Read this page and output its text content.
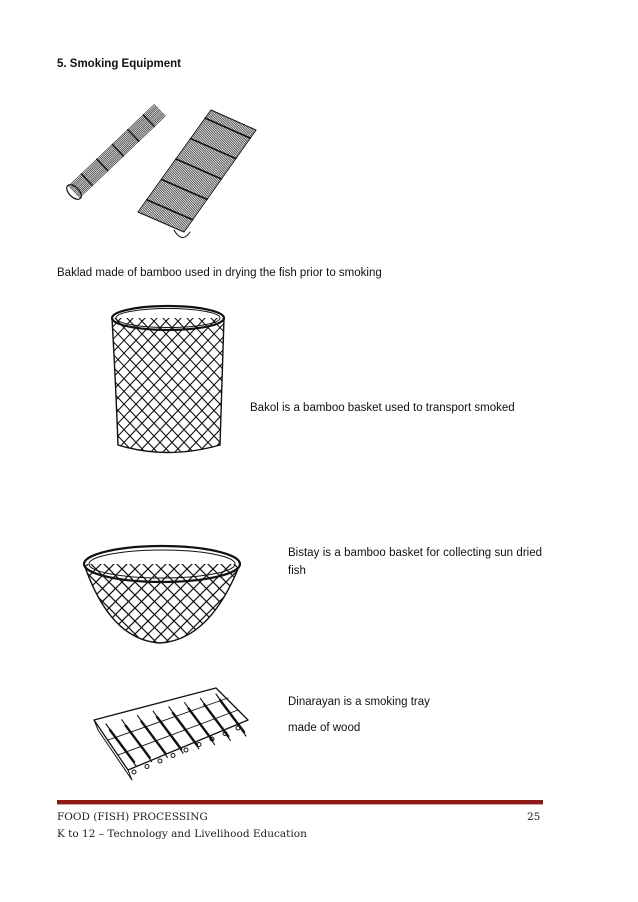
5. Smoking Equipment
Baklad made of bamboo used in drying the fish prior to smoking
Bakol is a bamboo basket used to transport smoked
Bistay is a bamboo basket for collecting sun dried fish
Dinarayan is a smoking tray
made of wood
FOOD (FISH) PROCESSING
K to 12 – Technology and Livelihood Education
25
